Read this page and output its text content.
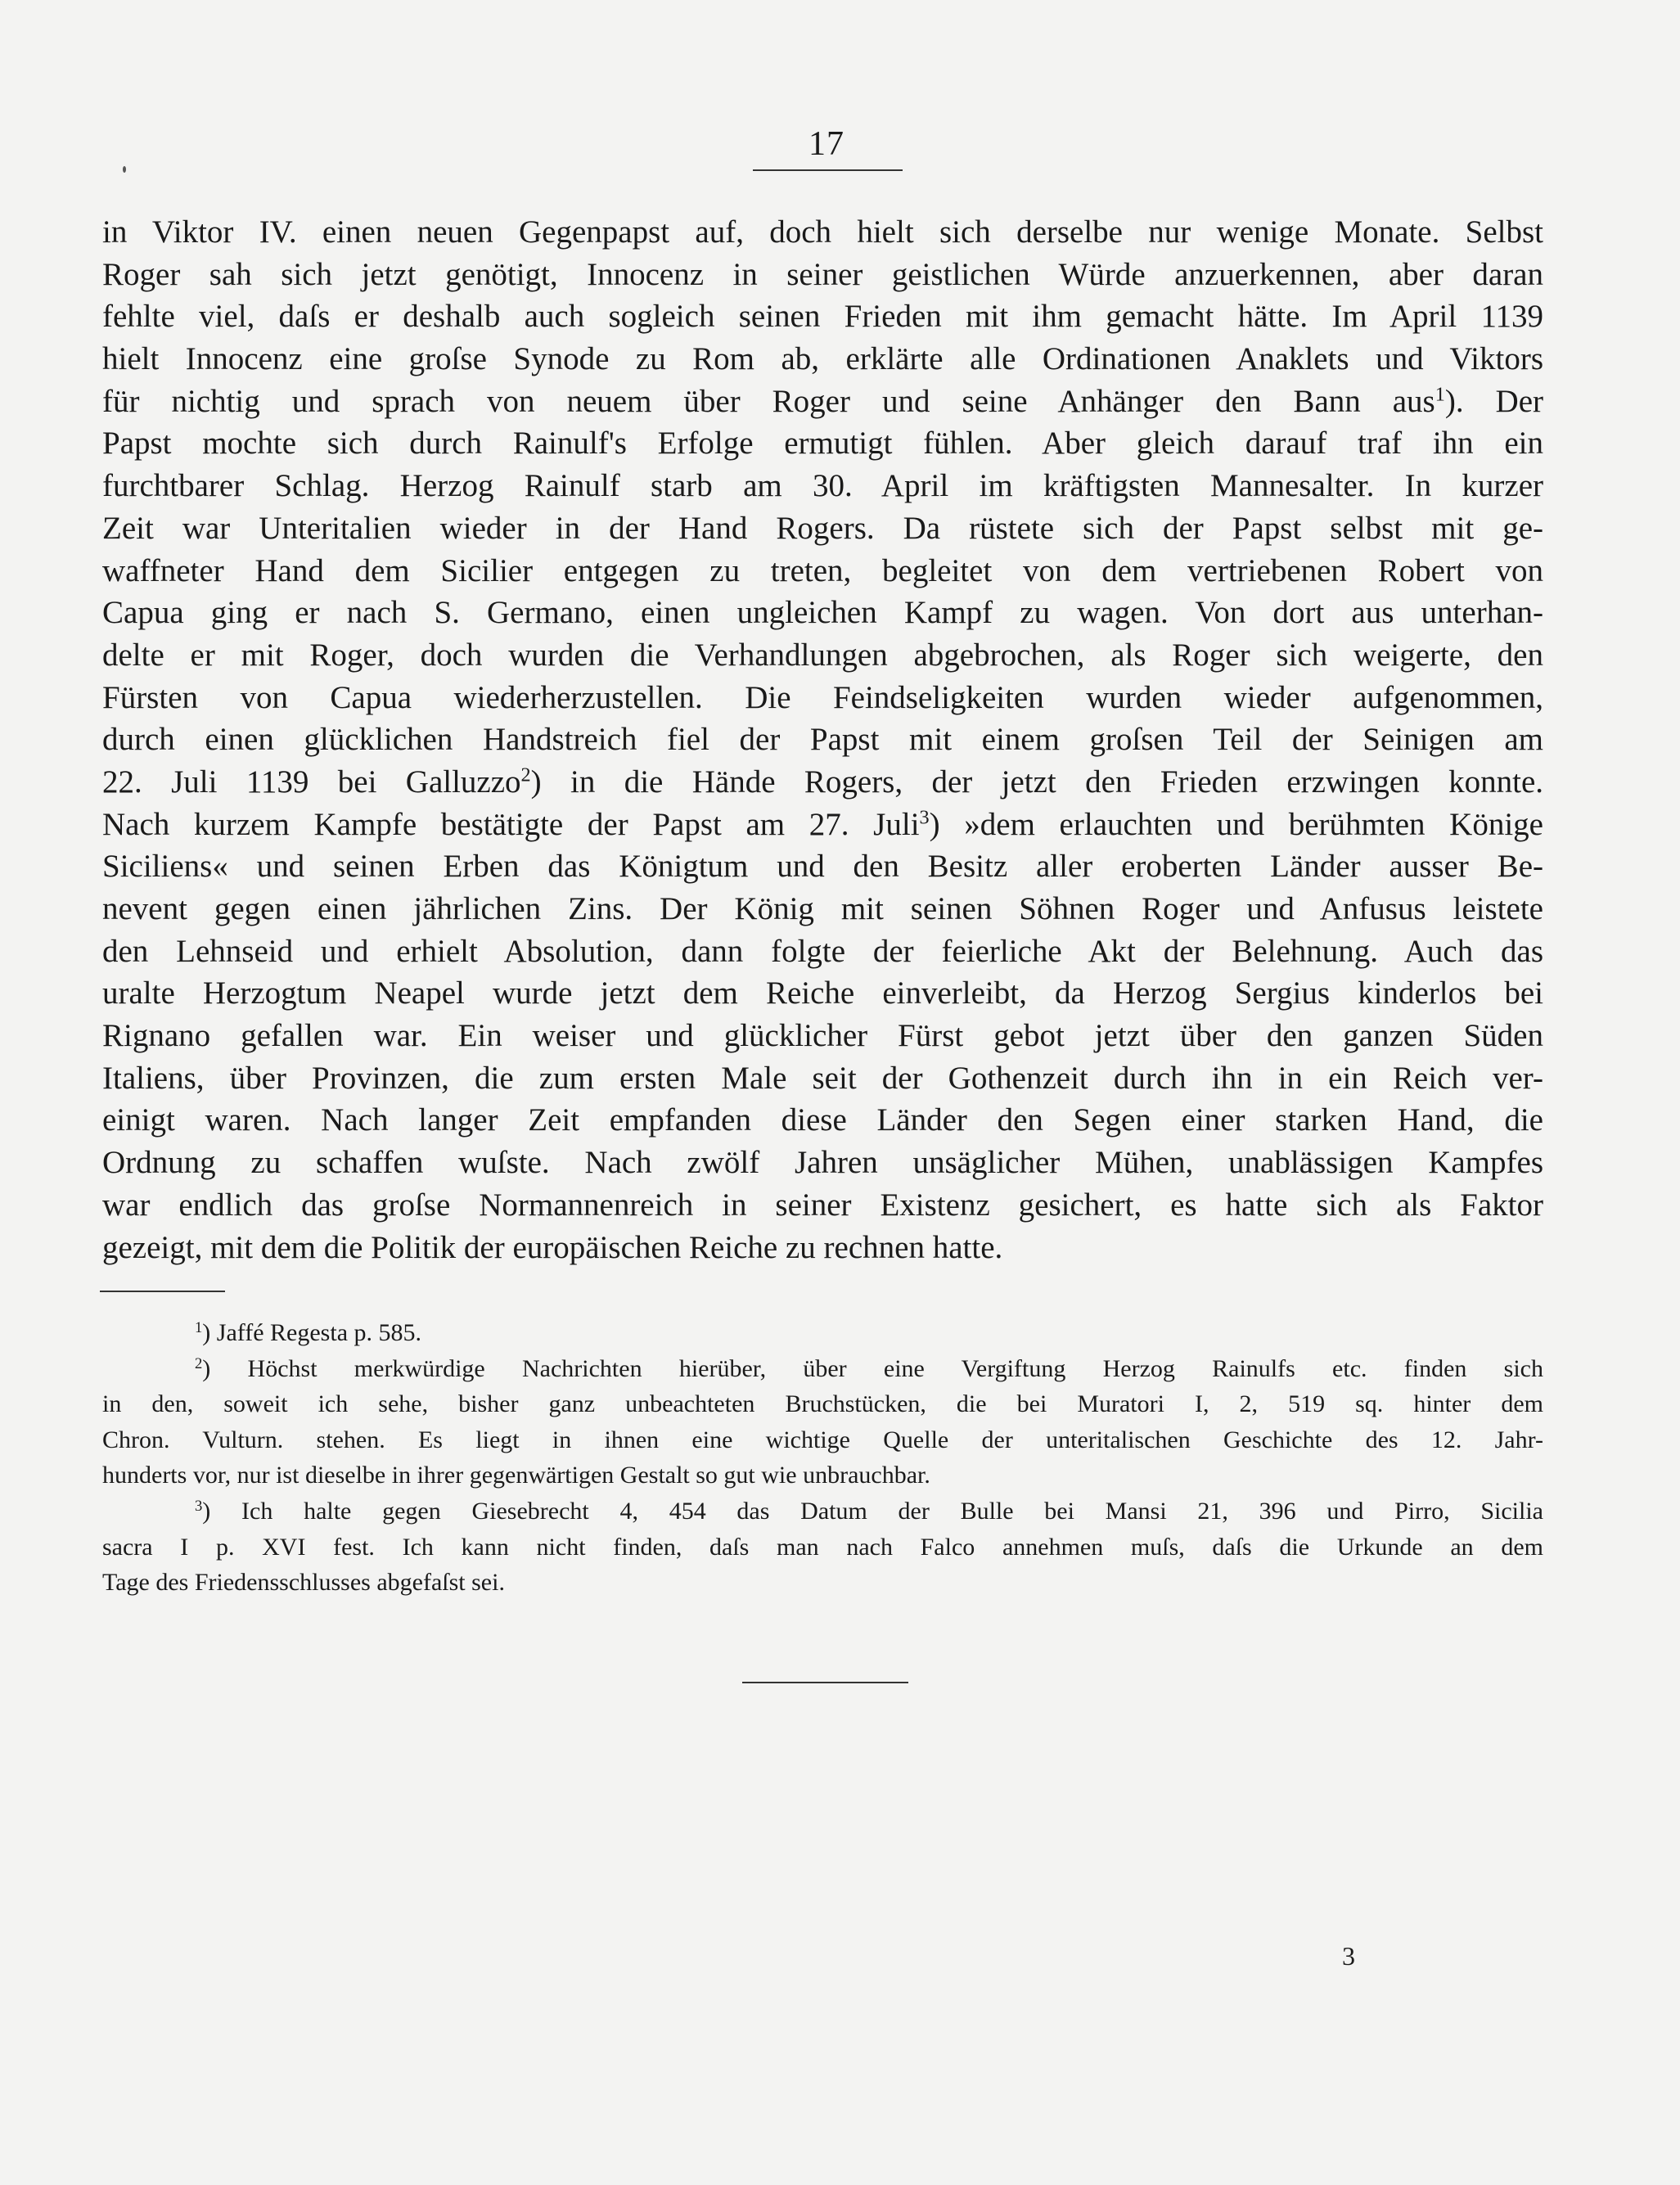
17
in Viktor IV. einen neuen Gegenpapst auf, doch hielt sich derselbe nur wenige Monate. Selbst
Roger sah sich jetzt genötigt, Innocenz in seiner geistlichen Würde anzuerkennen, aber daran
fehlte viel, daſs er deshalb auch sogleich seinen Frieden mit ihm gemacht hätte. Im April 1139
hielt Innocenz eine groſse Synode zu Rom ab, erklärte alle Ordinationen Anaklets und Viktors
für nichtig und sprach von neuem über Roger und seine Anhänger den Bann aus$^1$). Der
Papst mochte sich durch Rainulf's Erfolge ermutigt fühlen. Aber gleich darauf traf ihn ein
furchtbarer Schlag. Herzog Rainulf starb am 30. April im kräftigsten Mannesalter. In kurzer
Zeit war Unteritalien wieder in der Hand Rogers. Da rüstete sich der Papst selbst mit ge-
waffneter Hand dem Sicilier entgegen zu treten, begleitet von dem vertriebenen Robert von
Capua ging er nach S. Germano, einen ungleichen Kampf zu wagen. Von dort aus unterhan-
delte er mit Roger, doch wurden die Verhandlungen abgebrochen, als Roger sich weigerte, den
Fürsten von Capua wiederherzustellen. Die Feindseligkeiten wurden wieder aufgenommen,
durch einen glücklichen Handstreich fiel der Papst mit einem groſsen Teil der Seinigen am
22. Juli 1139 bei Galluzzo$^2$) in die Hände Rogers, der jetzt den Frieden erzwingen konnte.
Nach kurzem Kampfe bestätigte der Papst am 27. Juli$^3$) »dem erlauchten und berühmten Könige
Siciliens« und seinen Erben das Königtum und den Besitz aller eroberten Länder ausser Be-
nevent gegen einen jährlichen Zins. Der König mit seinen Söhnen Roger und Anfusus leistete
den Lehnseid und erhielt Absolution, dann folgte der feierliche Akt der Belehnung. Auch das
uralte Herzogtum Neapel wurde jetzt dem Reiche einverleibt, da Herzog Sergius kinderlos bei
Rignano gefallen war. Ein weiser und glücklicher Fürst gebot jetzt über den ganzen Süden
Italiens, über Provinzen, die zum ersten Male seit der Gothenzeit durch ihn in ein Reich ver-
einigt waren. Nach langer Zeit empfanden diese Länder den Segen einer starken Hand, die
Ordnung zu schaffen wuſste. Nach zwölf Jahren unsäglicher Mühen, unablässigen Kampfes
war endlich das groſse Normannenreich in seiner Existenz gesichert, es hatte sich als Faktor
gezeigt, mit dem die Politik der europäischen Reiche zu rechnen hatte.
$^1$) Jaffé Regesta p. 585.
$^2$) Höchst merkwürdige Nachrichten hierüber, über eine Vergiftung Herzog Rainulfs etc. finden sich
in den, soweit ich sehe, bisher ganz unbeachteten Bruchstücken, die bei Muratori I, 2, 519 sq. hinter dem
Chron. Vulturn. stehen. Es liegt in ihnen eine wichtige Quelle der unteritalischen Geschichte des 12. Jahr-
hunderts vor, nur ist dieselbe in ihrer gegenwärtigen Gestalt so gut wie unbrauchbar.
$^3$) Ich halte gegen Giesebrecht 4, 454 das Datum der Bulle bei Mansi 21, 396 und Pirro, Sicilia
sacra I p. XVI fest. Ich kann nicht finden, daſs man nach Falco annehmen muſs, daſs die Urkunde an dem
Tage des Friedensschlusses abgefaſst sei.
3
